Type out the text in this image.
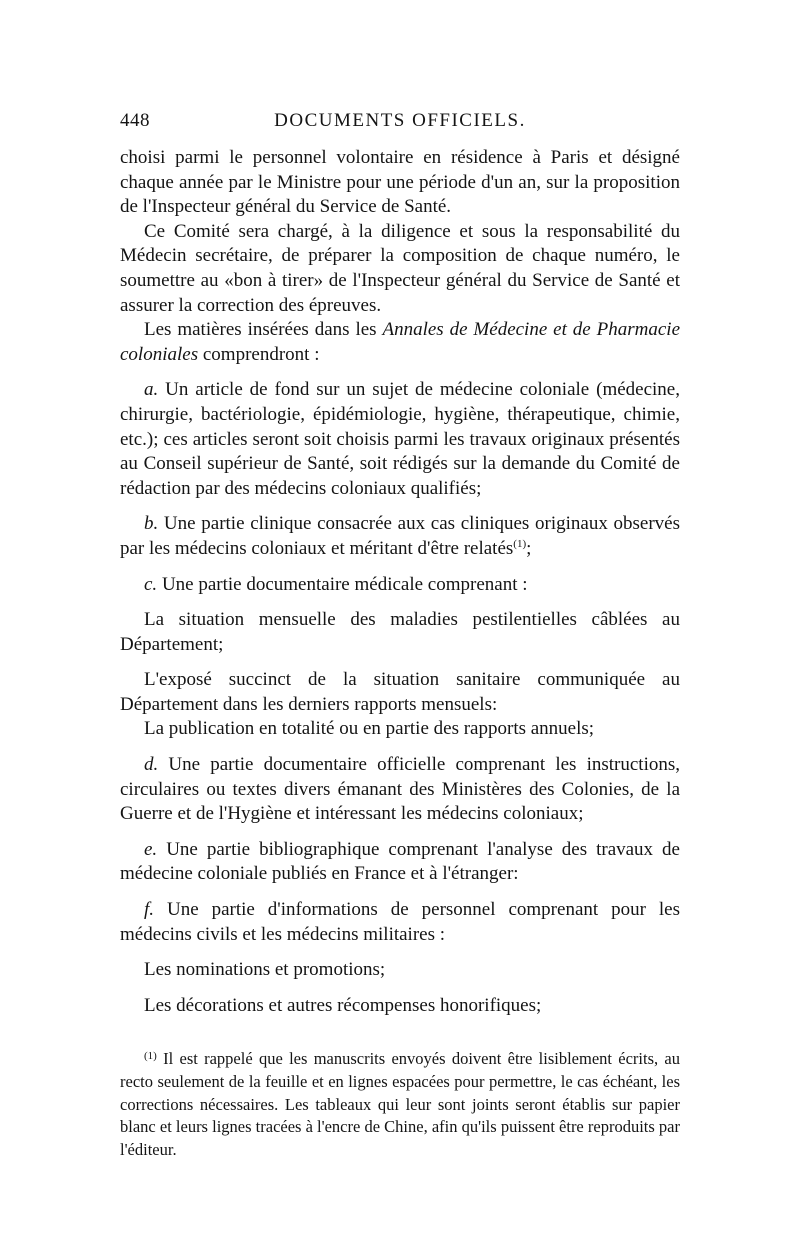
448	DOCUMENTS OFFICIELS.

choisi parmi le personnel volontaire en résidence à Paris et désigné chaque année par le Ministre pour une période d'un an, sur la proposition de l'Inspecteur général du Service de Santé.

Ce Comité sera chargé, à la diligence et sous la responsabilité du Médecin secrétaire, de préparer la composition de chaque numéro, le soumettre au «bon à tirer» de l'Inspecteur général du Service de Santé et assurer la correction des épreuves.

Les matières insérées dans les Annales de Médecine et de Pharmacie coloniales comprendront :

a. Un article de fond sur un sujet de médecine coloniale (médecine, chirurgie, bactériologie, épidémiologie, hygiène, thérapeutique, chimie, etc.); ces articles seront soit choisis parmi les travaux originaux présentés au Conseil supérieur de Santé, soit rédigés sur la demande du Comité de rédaction par des médecins coloniaux qualifiés;

b. Une partie clinique consacrée aux cas cliniques originaux observés par les médecins coloniaux et méritant d'être relatés$^{(1)}$;

c. Une partie documentaire médicale comprenant :

La situation mensuelle des maladies pestilentielles câblées au Département;

L'exposé succinct de la situation sanitaire communiquée au Département dans les derniers rapports mensuels:

La publication en totalité ou en partie des rapports annuels;

d. Une partie documentaire officielle comprenant les instructions, circulaires ou textes divers émanant des Ministères des Colonies, de la Guerre et de l'Hygiène et intéressant les médecins coloniaux;

e. Une partie bibliographique comprenant l'analyse des travaux de médecine coloniale publiés en France et à l'étranger:

f. Une partie d'informations de personnel comprenant pour les médecins civils et les médecins militaires :

Les nominations et promotions;

Les décorations et autres récompenses honorifiques;

$^{(1)}$ Il est rappelé que les manuscrits envoyés doivent être lisiblement écrits, au recto seulement de la feuille et en lignes espacées pour permettre, le cas échéant, les corrections nécessaires. Les tableaux qui leur sont joints seront établis sur papier blanc et leurs lignes tracées à l'encre de Chine, afin qu'ils puissent être reproduits par l'éditeur.
